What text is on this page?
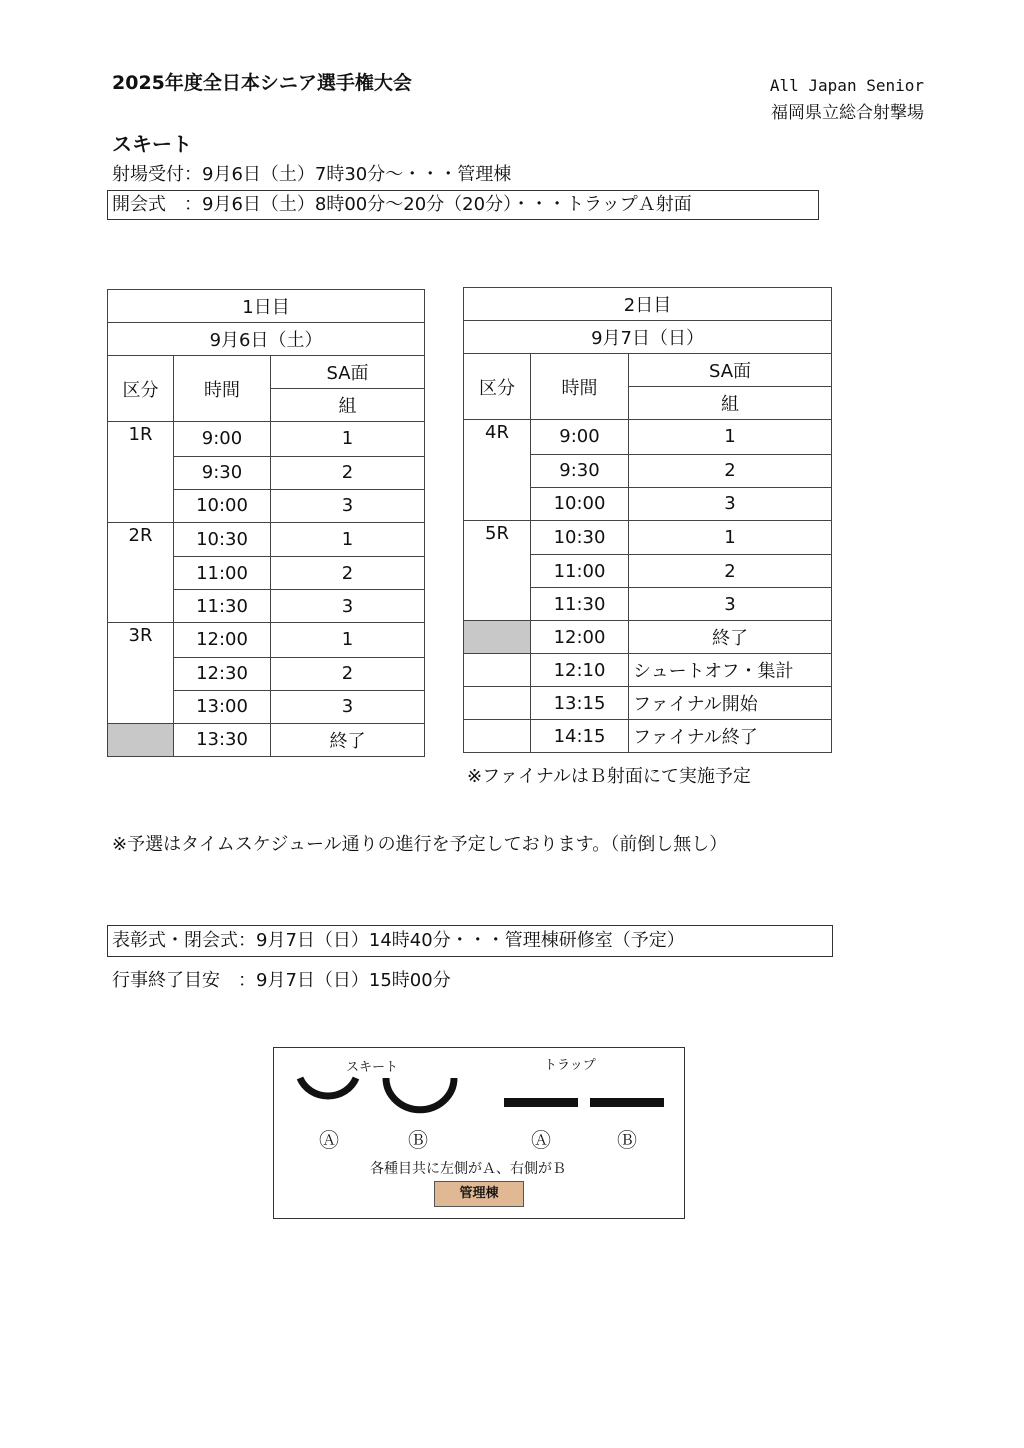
2025年度全日本シニア選手権大会	All Japan Senior
福岡県立総合射撃場
スキート
射場受付：9月6日（土）7時30分～・・・管理棟
開会式　：9月6日（土）8時00分～20分（20分）・・・トラップＡ射面
1日目		
9月6日（土）		
区分	時間	SA面
		組
1R	9:00	1
	9:30	2
	10:00	3
2R	10:30	1
	11:00	2
	11:30	3
3R	12:00	1
	12:30	2
	13:00	3
	13:30	終了
2日目		
9月7日（日）		
区分	時間	SA面
		組
4R	9:00	1
	9:30	2
	10:00	3
5R	10:30	1
	11:00	2
	11:30	3
	12:00	終了
	12:10	シュートオフ・集計
	13:15	ファイナル開始
	14:15	ファイナル終了
※ファイナルはＢ射面にて実施予定
※予選はタイムスケジュール通りの進行を予定しております。（前倒し無し）
表彰式・閉会式：9月7日（日）14時40分・・・管理棟研修室（予定）
行事終了目安　：9月7日（日）15時00分
スキート	トラップ
Ⓐ	Ⓑ	Ⓐ	Ⓑ
各種目共に左側がＡ、右側がＢ
管理棟
